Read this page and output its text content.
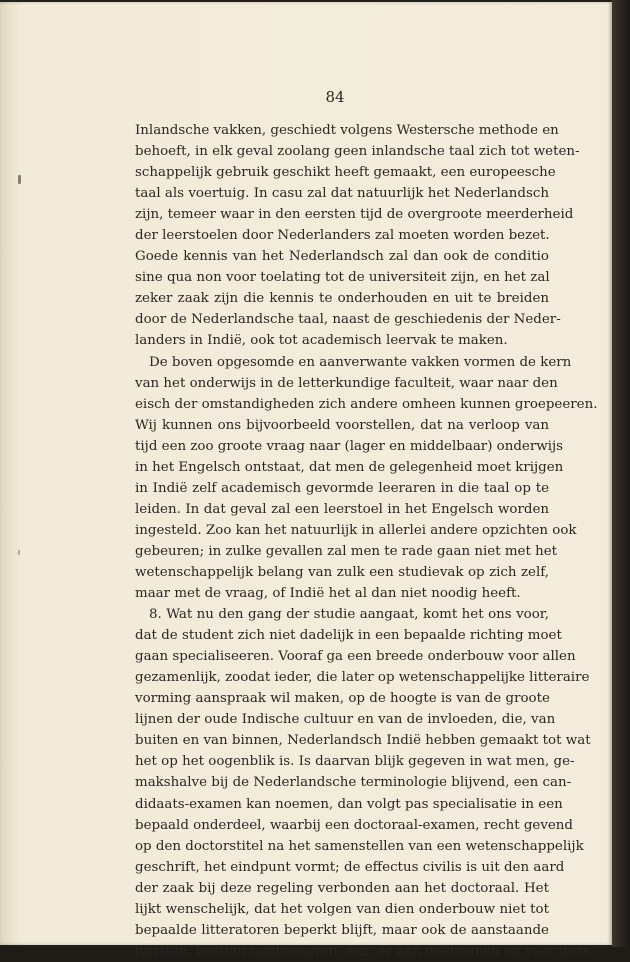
84

Inlandsche vakken, geschiedt volgens Westersche methode en
behoeft, in elk geval zoolang geen inlandsche taal zich tot weten-
schappelijk gebruik geschikt heeft gemaakt, een europeesche
taal als voertuig. In casu zal dat natuurlijk het Nederlandsch
zijn, temeer waar in den eersten tijd de overgroote meerderheid
der leerstoelen door Nederlanders zal moeten worden bezet.
Goede kennis van het Nederlandsch zal dan ook de conditio
sine qua non voor toelating tot de universiteit zijn, en het zal
zeker zaak zijn die kennis te onderhouden en uit te breiden
door de Nederlandsche taal, naast de geschiedenis der Neder-
landers in Indië, ook tot academisch leervak te maken.
De boven opgesomde en aanverwante vakken vormen de kern
van het onderwijs in de letterkundige faculteit, waar naar den
eisch der omstandigheden zich andere omheen kunnen groepeeren.
Wij kunnen ons bijvoorbeeld voorstellen, dat na verloop van
tijd een zoo groote vraag naar (lager en middelbaar) onderwijs
in het Engelsch ontstaat, dat men de gelegenheid moet krijgen
in Indië zelf academisch gevormde leeraren in die taal op te
leiden. In dat geval zal een leerstoel in het Engelsch worden
ingesteld. Zoo kan het natuurlijk in allerlei andere opzichten ook
gebeuren; in zulke gevallen zal men te rade gaan niet met het
wetenschappelijk belang van zulk een studievak op zich zelf,
maar met de vraag, of Indië het al dan niet noodig heeft.
8. Wat nu den gang der studie aangaat, komt het ons voor,
dat de student zich niet dadelijk in een bepaalde richting moet
gaan specialiseeren. Vooraf ga een breede onderbouw voor allen
gezamenlijk, zoodat ieder, die later op wetenschappelijke litteraire
vorming aanspraak wil maken, op de hoogte is van de groote
lijnen der oude Indische cultuur en van de invloeden, die, van
buiten en van binnen, Nederlandsch Indië hebben gemaakt tot wat
het op het oogenblik is. Is daarvan blijk gegeven in wat men, ge-
makshalve bij de Nederlandsche terminologie blijvend, een can-
didaats-examen kan noemen, dan volgt pas specialisatie in een
bepaald onderdeel, waarbij een doctoraal-examen, recht gevend
op den doctorstitel na het samenstellen van een wetenschappelijk
geschrift, het eindpunt vormt; de effectus civilis is uit den aard
der zaak bij deze regeling verbonden aan het doctoraal. Het
lijkt wenschelijk, dat het volgen van dien onderbouw niet tot
bepaalde litteratoren beperkt blijft, maar ook de aanstaande
juristen, bestuursambtenaren, enz. er aan deelnemen en voor deze
